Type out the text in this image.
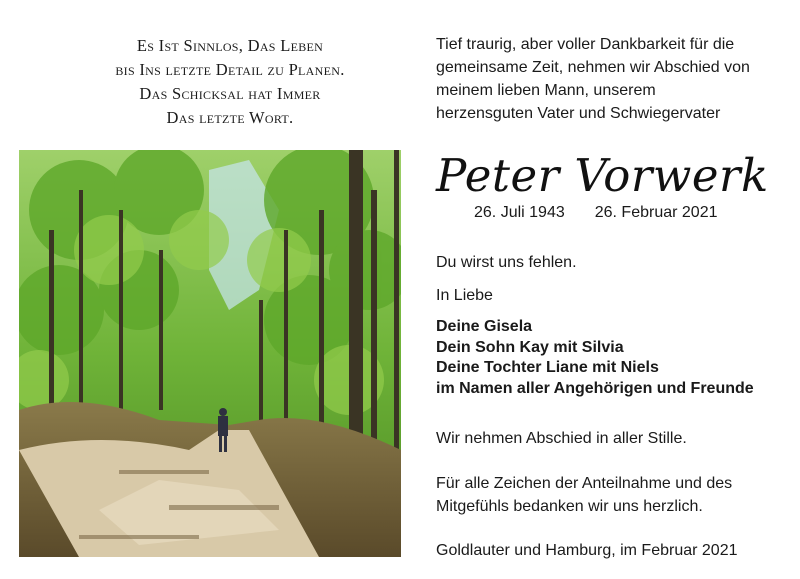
Es Ist Sinnlos, Das Leben
bis Ins letzte Detail zu Planen.
Das Schicksal hat Immer
Das letzte Wort.
Tief traurig, aber voller Dankbarkeit für die
gemeinsame Zeit, nehmen wir Abschied von
meinem lieben Mann, unserem
herzensguten Vater und Schwiegervater
Peter Vorwerk
26. Juli 1943 26. Februar 2021
Du wirst uns fehlen.
In Liebe
Deine Gisela
Dein Sohn Kay mit Silvia
Deine Tochter Liane mit Niels
im Namen aller Angehörigen und Freunde
Wir nehmen Abschied in aller Stille.
Für alle Zeichen der Anteilnahme und des
Mitgefühls bedanken wir uns herzlich.
Goldlauter und Hamburg, im Februar 2021
